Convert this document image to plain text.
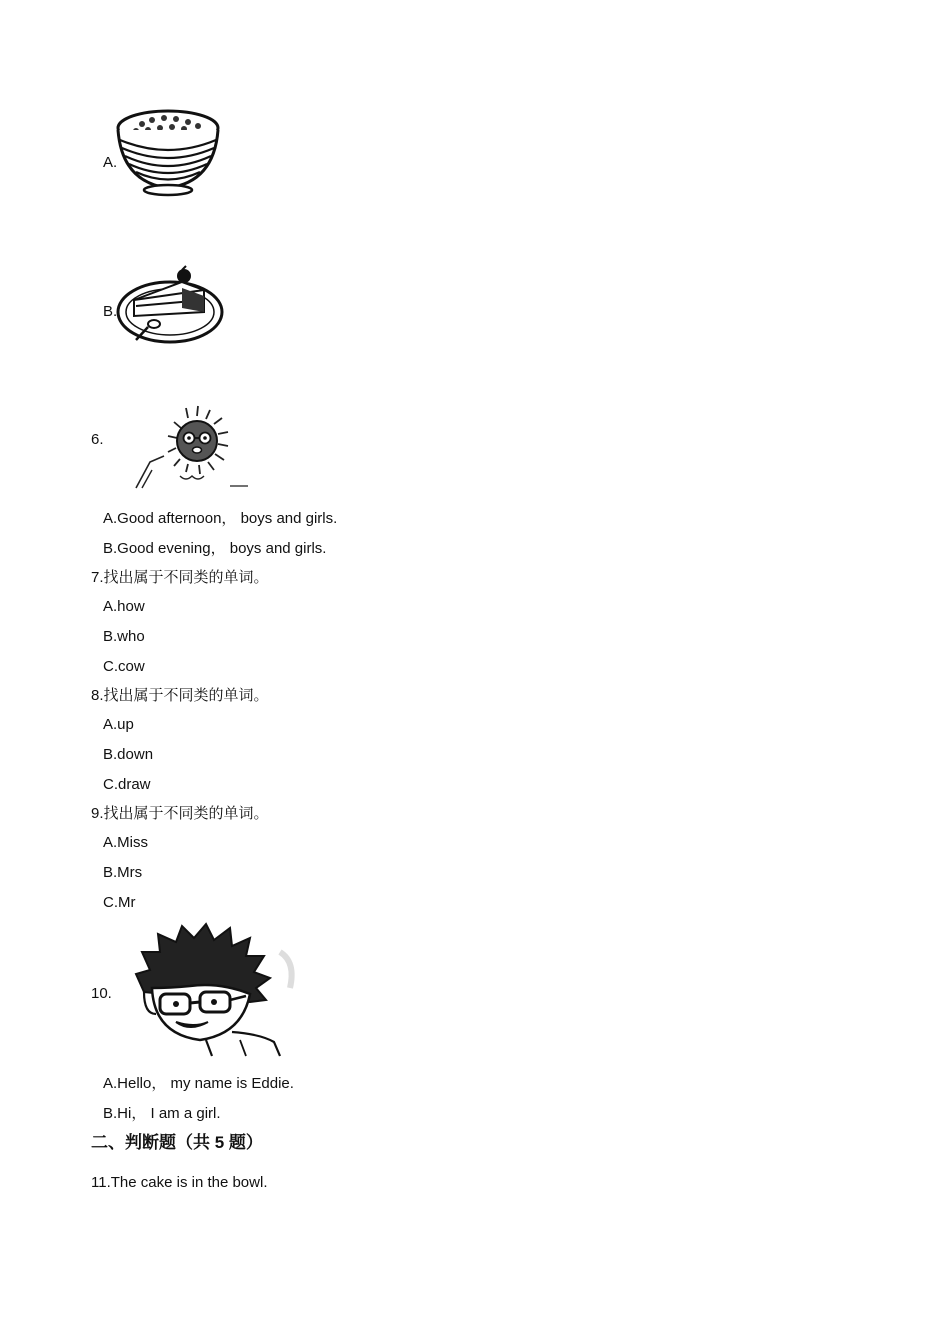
A.
B.
6.
A.Good afternoon， boys and girls.
B.Good evening， boys and girls.
7.找出属于不同类的单词。
A.how
B.who
C.cow
8.找出属于不同类的单词。
A.up
B.down
C.draw
9.找出属于不同类的单词。
A.Miss
B.Mrs
C.Mr
10.
A.Hello， my name is Eddie.
B.Hi， I am a girl.
二、判断题（共 5 题）
11.The cake is in the bowl.
